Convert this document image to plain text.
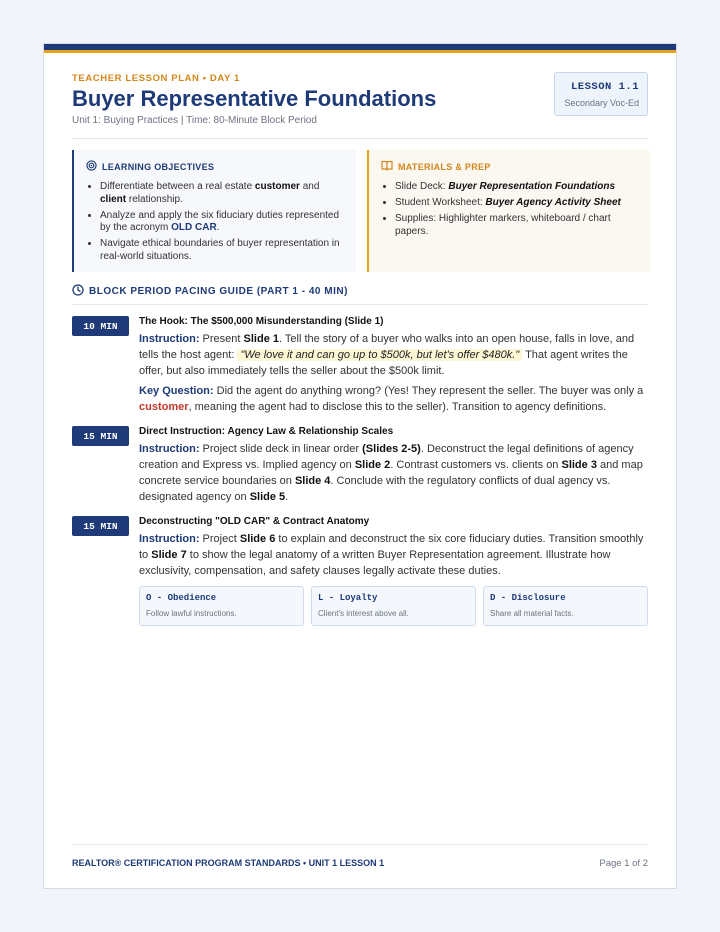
TEACHER LESSON PLAN • DAY 1
Buyer Representative Foundations
Unit 1: Buying Practices | Time: 80-Minute Block Period
LESSON 1.1
Secondary Voc-Ed
LEARNING OBJECTIVES
• Differentiate between a real estate customer and client relationship.
• Analyze and apply the six fiduciary duties represented by the acronym OLD CAR.
• Navigate ethical boundaries of buyer representation in real-world situations.
MATERIALS & PREP
• Slide Deck: Buyer Representation Foundations
• Student Worksheet: Buyer Agency Activity Sheet
• Supplies: Highlighter markers, whiteboard / chart papers.
BLOCK PERIOD PACING GUIDE (PART 1 - 40 MIN)
10 MIN	The Hook: The $500,000 Misunderstanding (Slide 1)

Instruction: Present Slide 1. Tell the story of a buyer who walks into an open house, falls in love, and tells the host agent: "We love it and can go up to $500k, but let's offer $480k." That agent writes the offer, but also immediately tells the seller about the $500k limit.

Key Question: Did the agent do anything wrong? (Yes! They represent the seller. The buyer was only a customer, meaning the agent had to disclose this to the seller). Transition to agency definitions.

15 MIN	Direct Instruction: Agency Law & Relationship Scales

Instruction: Project slide deck in linear order (Slides 2-5). Deconstruct the legal definitions of agency creation and Express vs. Implied agency on Slide 2. Contrast customers vs. clients on Slide 3 and map concrete service boundaries on Slide 4. Conclude with the regulatory conflicts of dual agency vs. designated agency on Slide 5.

15 MIN	Deconstructing "OLD CAR" & Contract Anatomy

Instruction: Project Slide 6 to explain and deconstruct the six core fiduciary duties. Transition smoothly to Slide 7 to show the legal anatomy of a written Buyer Representation agreement. Illustrate how exclusivity, compensation, and safety clauses legally activate these duties.

O - Obedience
Follow lawful instructions.
L - Loyalty
Client's interest above all.
D - Disclosure
Share all material facts.
REALTOR® CERTIFICATION PROGRAM STANDARDS • UNIT 1 LESSON 1	Page 1 of 2
